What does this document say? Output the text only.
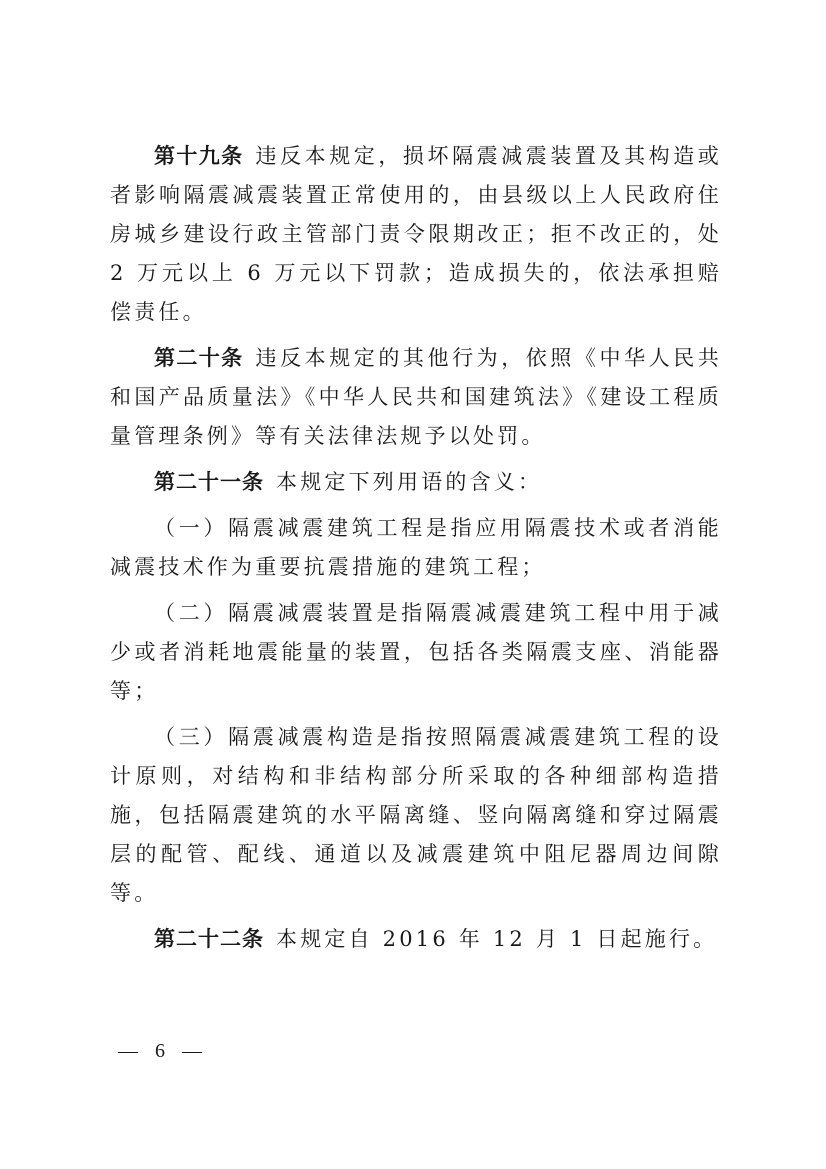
第十九条 违反本规定，损坏隔震减震装置及其构造或者影响隔震减震装置正常使用的，由县级以上人民政府住房城乡建设行政主管部门责令限期改正；拒不改正的，处 2 万元以上 6 万元以下罚款；造成损失的，依法承担赔偿责任。

第二十条 违反本规定的其他行为，依照《中华人民共和国产品质量法》《中华人民共和国建筑法》《建设工程质量管理条例》等有关法律法规予以处罚。

第二十一条 本规定下列用语的含义：

（一）隔震减震建筑工程是指应用隔震技术或者消能减震技术作为重要抗震措施的建筑工程；

（二）隔震减震装置是指隔震减震建筑工程中用于减少或者消耗地震能量的装置，包括各类隔震支座、消能器等；

（三）隔震减震构造是指按照隔震减震建筑工程的设计原则，对结构和非结构部分所采取的各种细部构造措施，包括隔震建筑的水平隔离缝、竖向隔离缝和穿过隔震层的配管、配线、通道以及减震建筑中阻尼器周边间隙等。

第二十二条 本规定自 2016 年 12 月 1 日起施行。

— 6 —
